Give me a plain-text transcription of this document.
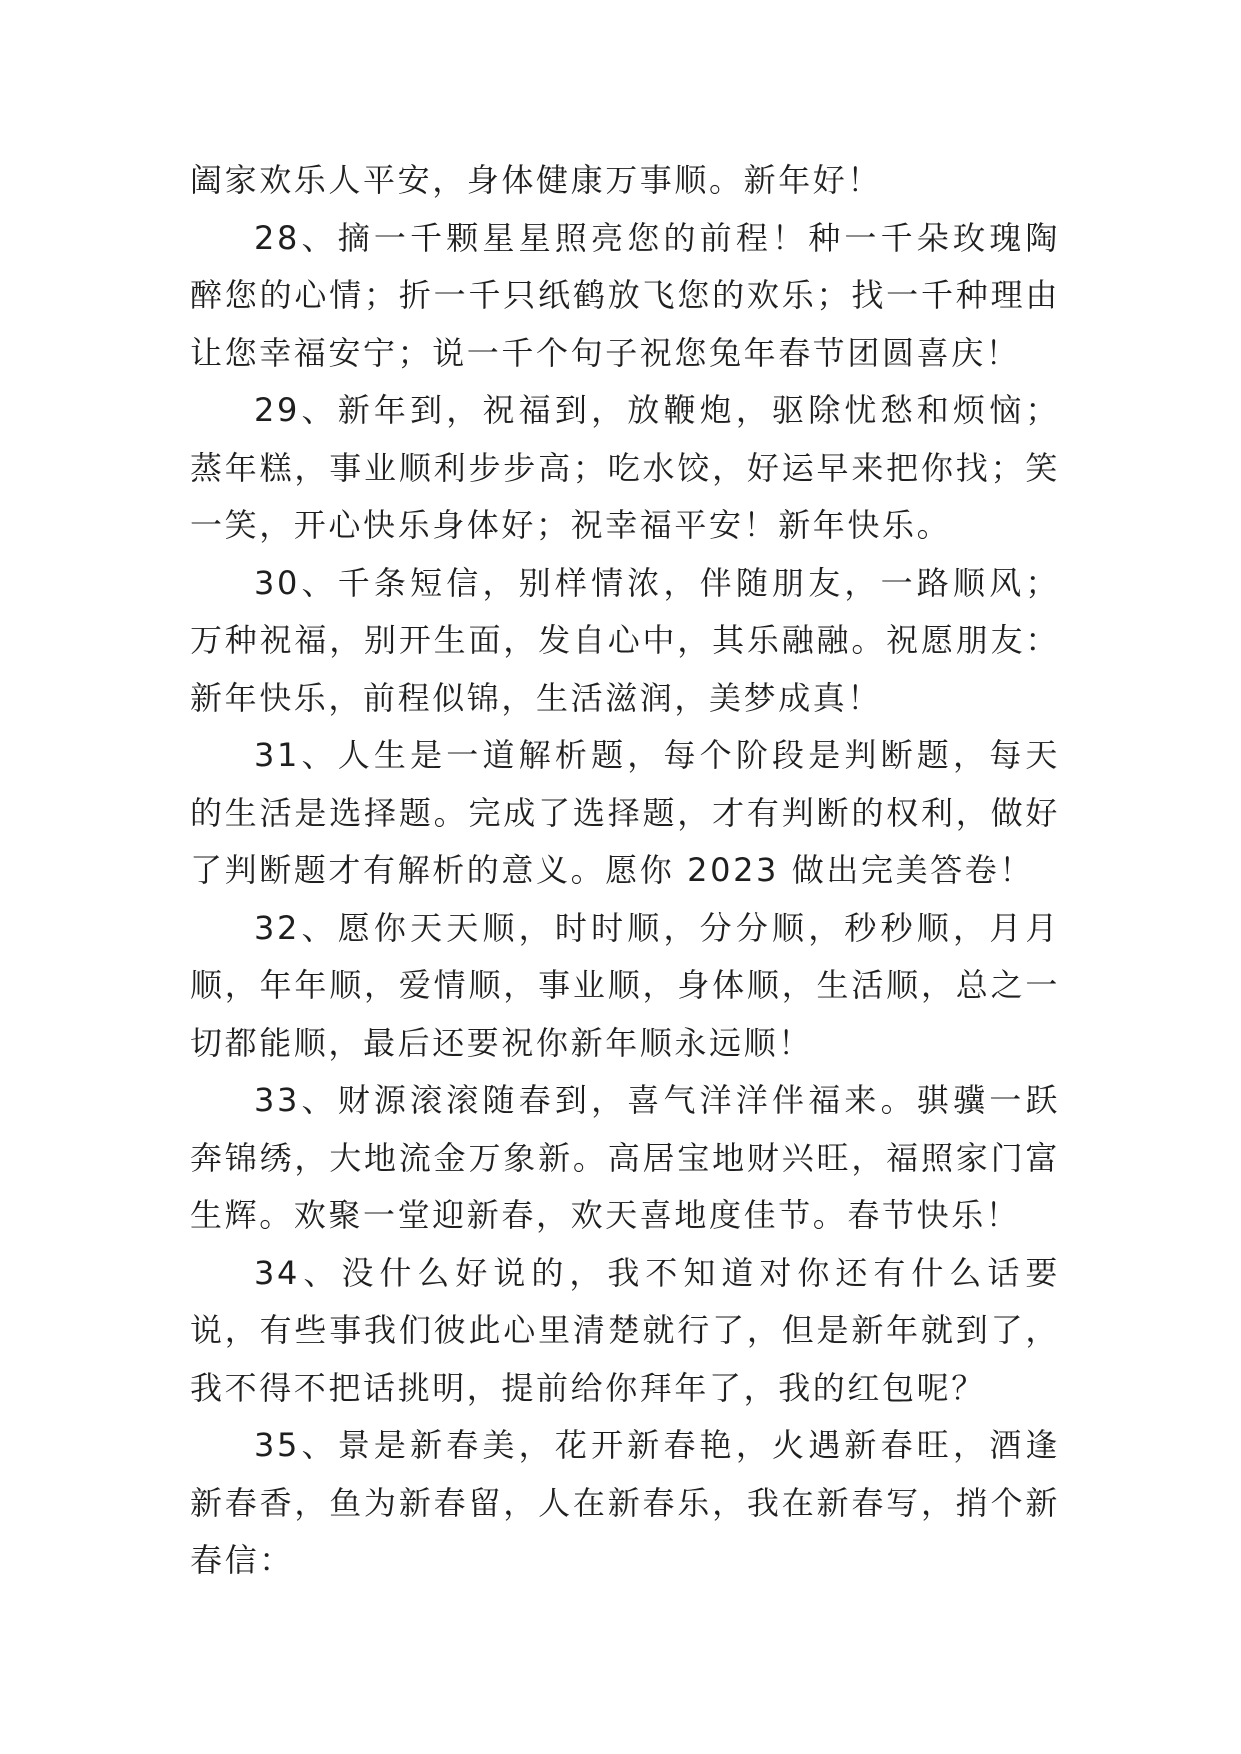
阖家欢乐人平安，身体健康万事顺。新年好！

28、摘一千颗星星照亮您的前程！种一千朵玫瑰陶醉您的心情；折一千只纸鹤放飞您的欢乐；找一千种理由让您幸福安宁；说一千个句子祝您兔年春节团圆喜庆！

29、新年到，祝福到，放鞭炮，驱除忧愁和烦恼；蒸年糕，事业顺利步步高；吃水饺，好运早来把你找；笑一笑，开心快乐身体好；祝幸福平安！新年快乐。

30、千条短信，别样情浓，伴随朋友，一路顺风；万种祝福，别开生面，发自心中，其乐融融。祝愿朋友：新年快乐，前程似锦，生活滋润，美梦成真！

31、人生是一道解析题，每个阶段是判断题，每天的生活是选择题。完成了选择题，才有判断的权利，做好了判断题才有解析的意义。愿你 2023 做出完美答卷！

32、愿你天天顺，时时顺，分分顺，秒秒顺，月月顺，年年顺，爱情顺，事业顺，身体顺，生活顺，总之一切都能顺，最后还要祝你新年顺永远顺！

33、财源滚滚随春到，喜气洋洋伴福来。骐骥一跃奔锦绣，大地流金万象新。高居宝地财兴旺，福照家门富生辉。欢聚一堂迎新春，欢天喜地度佳节。春节快乐！

34、没什么好说的，我不知道对你还有什么话要说，有些事我们彼此心里清楚就行了，但是新年就到了，我不得不把话挑明，提前给你拜年了，我的红包呢？

35、景是新春美，花开新春艳，火遇新春旺，酒逢新春香，鱼为新春留，人在新春乐，我在新春写，捎个新春信：
